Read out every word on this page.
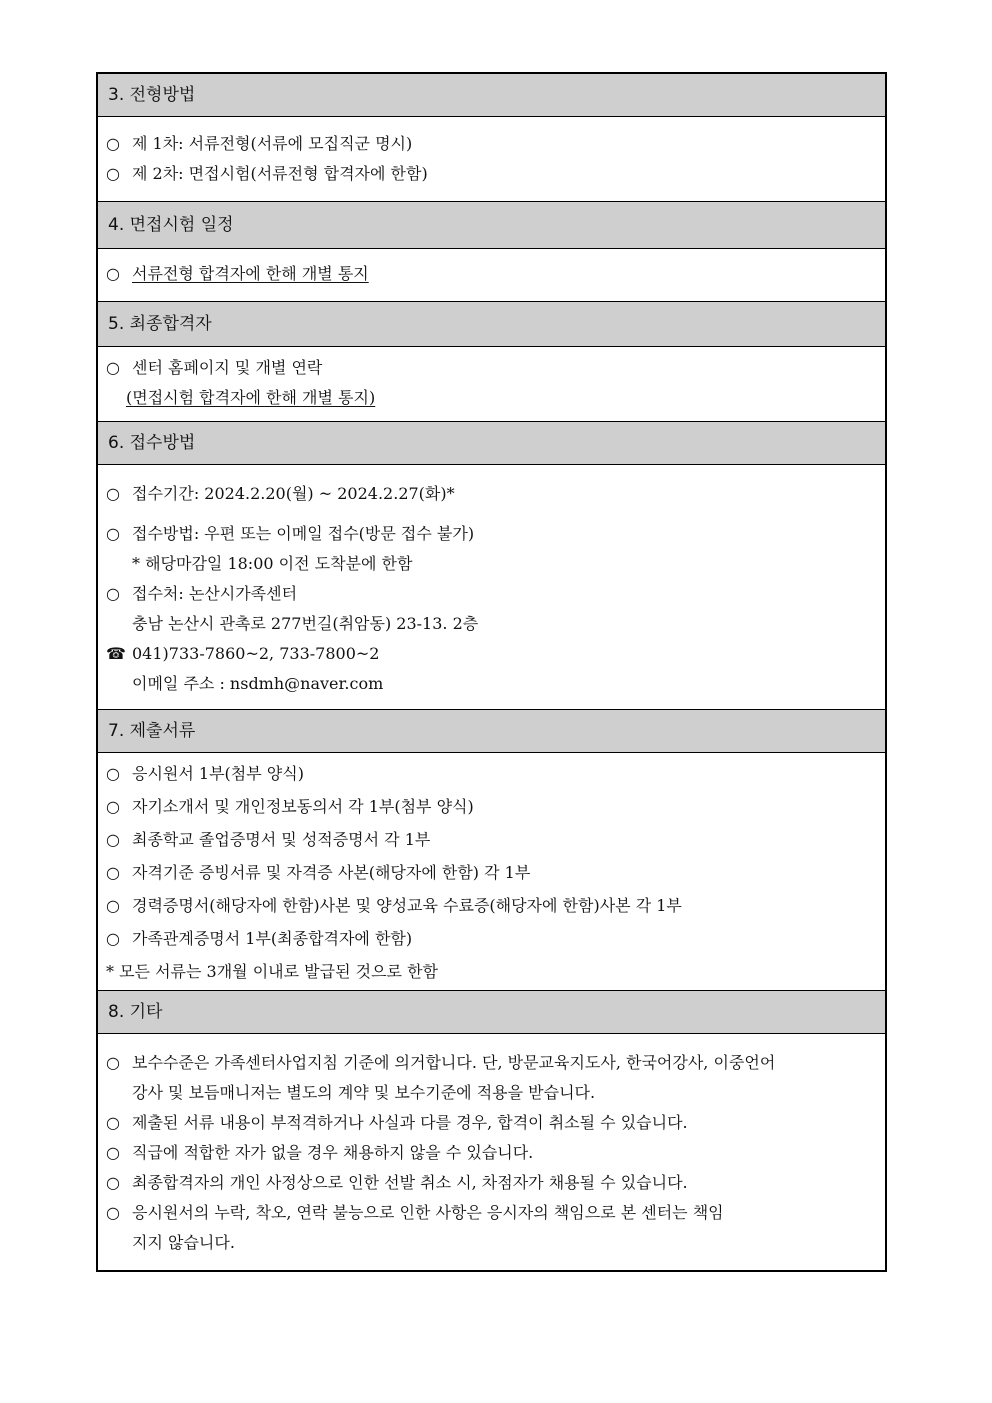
3. 전형방법
○ 제 1차: 서류전형(서류에 모집직군 명시)
○ 제 2차: 면접시험(서류전형 합격자에 한함)
4. 면접시험 일정
○ 서류전형 합격자에 한해 개별 통지
5. 최종합격자
○ 센터 홈페이지 및 개별 연락
(면접시험 합격자에 한해 개별 통지)
6. 접수방법
○ 접수기간: 2024.2.20(월) ~ 2024.2.27(화)*
○ 접수방법: 우편 또는 이메일 접수(방문 접수 불가)
* 해당마감일 18:00 이전 도착분에 한함
○ 접수처: 논산시가족센터
충남 논산시 관촉로 277번길(취암동) 23-13. 2층
☎ 041)733-7860~2, 733-7800~2
이메일 주소 : nsdmh@naver.com
7. 제출서류
○ 응시원서 1부(첨부 양식)
○ 자기소개서 및 개인정보동의서 각 1부(첨부 양식)
○ 최종학교 졸업증명서 및 성적증명서 각 1부
○ 자격기준 증빙서류 및 자격증 사본(해당자에 한함) 각 1부
○ 경력증명서(해당자에 한함)사본 및 양성교육 수료증(해당자에 한함)사본 각 1부
○ 가족관계증명서 1부(최종합격자에 한함)
* 모든 서류는 3개월 이내로 발급된 것으로 한함
8. 기타
○ 보수수준은 가족센터사업지침 기준에 의거합니다. 단, 방문교육지도사, 한국어강사, 이중언어
강사 및 보듬매니저는 별도의 계약 및 보수기준에 적용을 받습니다.
○ 제출된 서류 내용이 부적격하거나 사실과 다를 경우, 합격이 취소될 수 있습니다.
○ 직급에 적합한 자가 없을 경우 채용하지 않을 수 있습니다.
○ 최종합격자의 개인 사정상으로 인한 선발 취소 시, 차점자가 채용될 수 있습니다.
○ 응시원서의 누락, 착오, 연락 불능으로 인한 사항은 응시자의 책임으로 본 센터는 책임
지지 않습니다.
